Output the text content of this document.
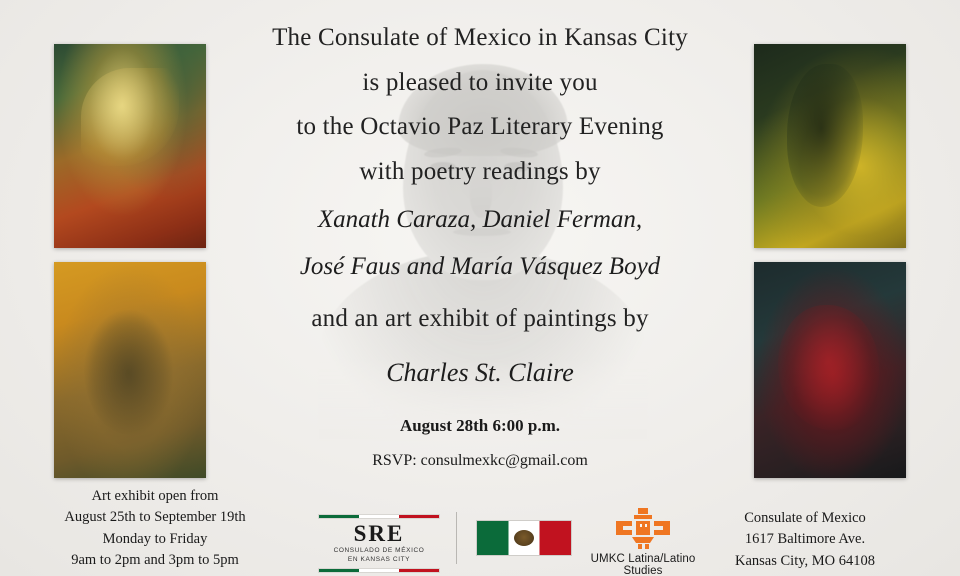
The Consulate of Mexico in Kansas City
is pleased to invite you
to the Octavio Paz Literary Evening
with poetry readings by
Xanath Caraza, Daniel Ferman,
José Faus and María Vásquez Boyd
and an art exhibit of paintings by
Charles St. Claire
August 28th 6:00 p.m.
RSVP: consulmexkc@gmail.com
Art exhibit open from
August 25th to September 19th
Monday to Friday
9am to 2pm and 3pm to 5pm
Consulate of Mexico
1617 Baltimore Ave.
Kansas City, MO 64108
SRE
CONSULADO DE MÉXICO
EN KANSAS CITY	UMKC Latina/Latino Studies
